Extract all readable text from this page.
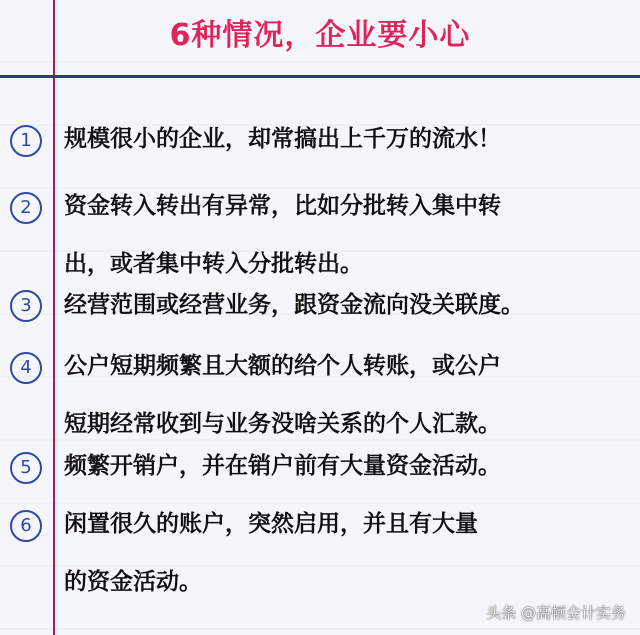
6种情况，企业要小心
1	规模很小的企业，却常搞出上千万的流水！
2	资金转入转出有异常，比如分批转入集中转
出，或者集中转入分批转出。
3	经营范围或经营业务，跟资金流向没关联度。
4	公户短期频繁且大额的给个人转账，或公户
短期经常收到与业务没啥关系的个人汇款。
5	频繁开销户，并在销户前有大量资金活动。
6	闲置很久的账户，突然启用，并且有大量
的资金活动。
头条 @高顿会计实务
